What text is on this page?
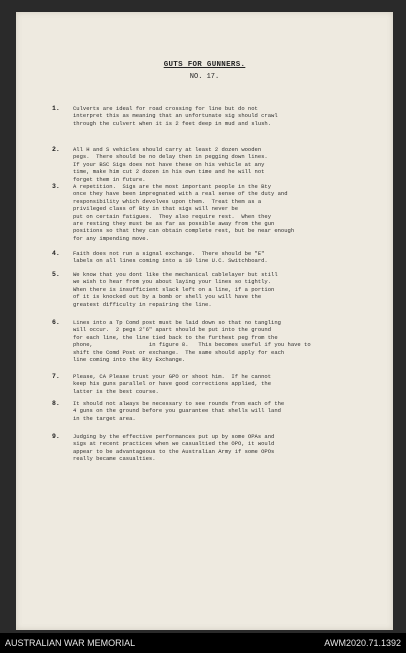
GUTS FOR GUNNERS.
NO. 17.
1. Culverts are ideal for road crossing for line but do not
interpret this as meaning that an unfortunate sig should crawl
through the culvert when it is 2 feet deep in mud and slush.
2. All H and S vehicles should carry at least 2 dozen wooden
pegs.  There should be no delay then in pegging down lines.
If your BSC Sigs does not have these on his vehicle at any
time, make him cut 2 dozen in his own time and he will not
forget them in future.
3. A repetition.  Sigs are the most important people in the Bty
once they have been impregnated with a real sense of the duty and
responsibility which devolves upon them.  Treat them as a
privileged class of Bty in that sigs will never be
put on certain fatigues.  They also require rest.  When they
are resting they must be as far as possible away from the gun
positions so that they can obtain complete rest, but be near enough
for any impending move.
4. Faith does not run a signal exchange.  There should be "E"
labels on all lines coming into a 10 line U.C. Switchboard.
5. We know that you dont like the mechanical cablelayer but still
we wish to hear from you about laying your lines so tightly.
When there is insufficient slack left on a line, if a portion
of it is knocked out by a bomb or shell you will have the
greatest difficulty in repairing the line.
6. Lines into a Tp Comd post must be laid down so that no tangling
will occur.  2 pegs 2'6" apart should be put into the ground
for each line, the line tied back to the furthest peg from the
phone,                 in figure 8.   This becomes useful if you have to
shift the Comd Post or exchange.  The same should apply for each
line coming into the Bty Exchange.
7. Please, CA Please trust your GPO or shoot him.  If he cannot
keep his guns parallel or have good corrections applied, the
latter is the best course.
8. It should not always be necessary to see rounds from each of the
4 guns on the ground before you guarantee that shells will land
in the target area.
9. Judging by the effective performances put up by some OPAs and
sigs at recent practices when we casualtied the OPO, it would
appear to be advantageous to the Australian Army if some OPOs
really became casualties.
AUSTRALIAN WAR MEMORIAL	AWM2020.71.1392
